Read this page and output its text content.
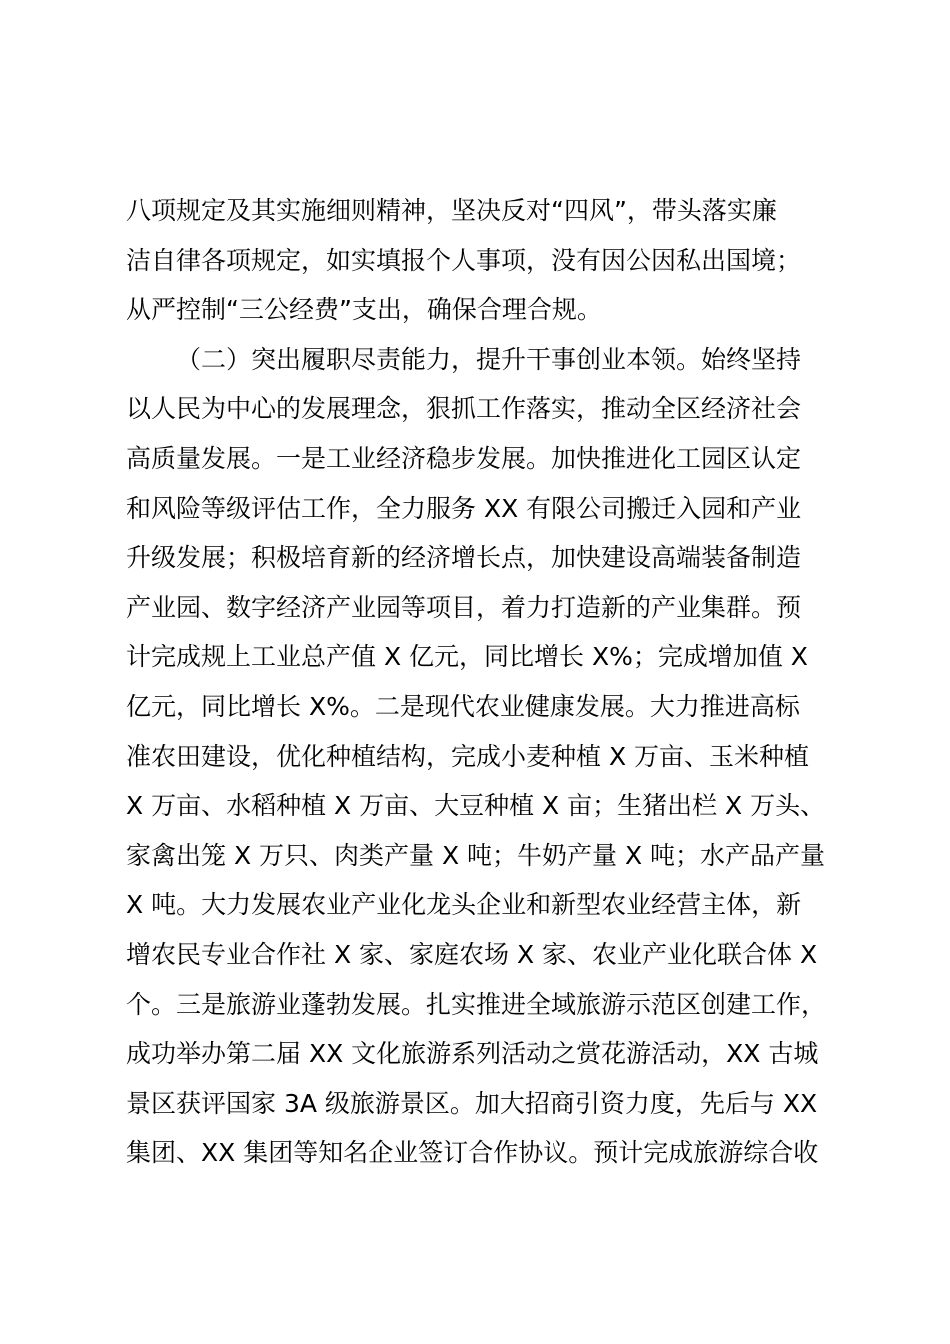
八项规定及其实施细则精神，坚决反对“四风”，带头落实廉
洁自律各项规定，如实填报个人事项，没有因公因私出国境；
从严控制“三公经费”支出，确保合理合规。
（二）突出履职尽责能力，提升干事创业本领。始终坚持
以人民为中心的发展理念，狠抓工作落实，推动全区经济社会
高质量发展。一是工业经济稳步发展。加快推进化工园区认定
和风险等级评估工作，全力服务 XX 有限公司搬迁入园和产业
升级发展；积极培育新的经济增长点，加快建设高端装备制造
产业园、数字经济产业园等项目，着力打造新的产业集群。预
计完成规上工业总产值 X 亿元，同比增长 X%；完成增加值 X
亿元，同比增长 X%。二是现代农业健康发展。大力推进高标
准农田建设，优化种植结构，完成小麦种植 X 万亩、玉米种植
X 万亩、水稻种植 X 万亩、大豆种植 X 亩；生猪出栏 X 万头、
家禽出笼 X 万只、肉类产量 X 吨；牛奶产量 X 吨；水产品产量
X 吨。大力发展农业产业化龙头企业和新型农业经营主体，新
增农民专业合作社 X 家、家庭农场 X 家、农业产业化联合体 X
个。三是旅游业蓬勃发展。扎实推进全域旅游示范区创建工作，
成功举办第二届 XX 文化旅游系列活动之赏花游活动，XX 古城
景区获评国家 3A 级旅游景区。加大招商引资力度，先后与 XX
集团、XX 集团等知名企业签订合作协议。预计完成旅游综合收
